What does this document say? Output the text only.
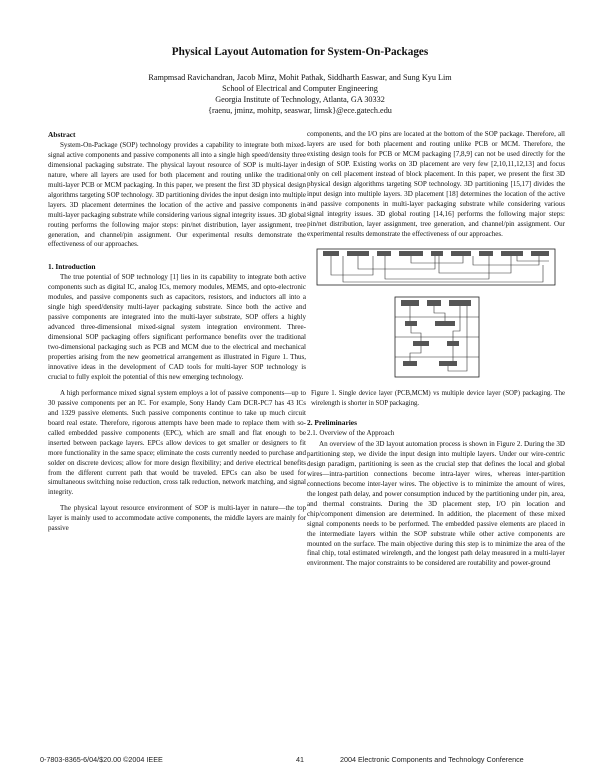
Physical Layout Automation for System-On-Packages
Rampmsad Ravichandran, Jacob Minz, Mohit Pathak, Siddharth Easwar, and Sung Kyu Lim
School of Electrical and Computer Engineering
Georgia Institute of Technology, Atlanta, GA 30332
{raenu, jminz, mohitp, seaswar, limsk}@ece.gatech.edu
Abstract

System-On-Package (SOP) technology provides a capability to integrate both mixed-signal active components and passive components all into a single high speed/density three dimensional packaging substrate. The physical layout resource of SOP is multi-layer in nature, where all layers are used for both placement and routing unlike the traditional multi-layer PCB or MCM packaging. In this paper, we present the first 3D physical design algorithms targeting SOP technology. 3D partitioning divides the input design into multiple layers. 3D placement determines the location of the active and passive components in multi-layer packaging substrate while considering various signal integrity issues. 3D global routing performs the following major steps: pin/net distribution, layer assignment, tree generation, and channel/pin assignment. Our experimental results demonstrate the effectiveness of our approaches.

1. Introduction

The true potential of SOP technology [1] lies in its capability to integrate both active components such as digital IC, analog ICs, memory modules, MEMS, and opto-electronic modules, and passive components such as capacitors, resistors, and inductors all into a single high speed/density multi-layer packaging substrate. Since both the active and passive components are integrated into the multi-layer substrate, SOP offers a highly advanced three-dimensional mixed-signal system integration environment. Three-dimensional SOP packaging offers significant performance benefits over the traditional two-dimensional packaging such as PCB and MCM due to the electrical and mechanical properties arising from the new geometrical arrangement as illustrated in Figure 1. Thus, innovative ideas in the development of CAD tools for multi-layer SOP technology is crucial to fully exploit the potential of this new emerging technology.

A high performance mixed signal system employs a lot of passive components—up to 30 passive components per an IC. For example, Sony Handy Cam DCR-PC7 has 43 ICs and 1329 passive elements. Such passive components continue to take up much circuit board real estate. Therefore, rigorous attempts have been made to replace them with so-called embedded passive components (EPC), which are small and flat enough to be inserted between package layers. EPCs allow devices to get smaller or designers to fit more functionality in the same space; eliminate the costs currently needed to purchase and solder on discrete devices; allow for more design flexibility; and derive electrical benefits from the different current path that would be traveled. EPCs can also be used for simultaneous switching noise reduction, cross talk reduction, network matching, and signal integrity.

The physical layout resource environment of SOP is multi-layer in nature—the top layer is mainly used to accommodate active components, the middle layers are mainly for passive

components, and the I/O pins are located at the bottom of the SOP package. Therefore, all layers are used for both placement and routing unlike PCB or MCM. Therefore, the existing design tools for PCB or MCM packaging [7,8,9] can not be used directly for the design of SOP. Existing works on 3D placement are very few [2,10,11,12,13] and focus only on cell placement instead of block placement. In this paper, we present the first 3D physical design algorithms targeting SOP technology. 3D partitioning [15,17] divides the input design into multiple layers. 3D placement [18] determines the location of the active and passive components in multi-layer packaging substrate while considering various signal integrity issues. 3D global routing [14,16] performs the following major steps: pin/net distribution, layer assignment, tree generation, and channel/pin assignment. Our experimental results demonstrate the effectiveness of our approaches.

Figure 1. Single device layer (PCB,MCM) vs multiple device layer (SOP) packaging. The wirelength is shorter in SOP packaging.
2. Preliminaries
2.1. Overview of the Approach

An overview of the 3D layout automation process is shown in Figure 2. During the 3D partitioning step, we divide the input design into multiple layers. Under our wire-centric design paradigm, partitioning is seen as the crucial step that defines the local and global wires—intra-partition connections become intra-layer wires, whereas inter-partition connections become inter-layer wires. The objective is to minimize the amount of wires, the longest path delay, and power consumption induced by the partitioning under pin, area, and thermal constraints. During the 3D placement step, I/O pin location and chip/component dimension are determined. In addition, the placement of these mixed signal components needs to be performed. The embedded passive elements are placed in the intermediate layers within the SOP substrate while other active components are mounted on the surface. The main objective during this step is to minimize the area of the final chip, total estimated wirelength, and the longest path delay measured in a multi-layer environment. The major constraints to be considered are routability and power-ground

0-7803-8365-6/04/$20.00 ©2004 IEEE	41	2004 Electronic Components and Technology Conference
